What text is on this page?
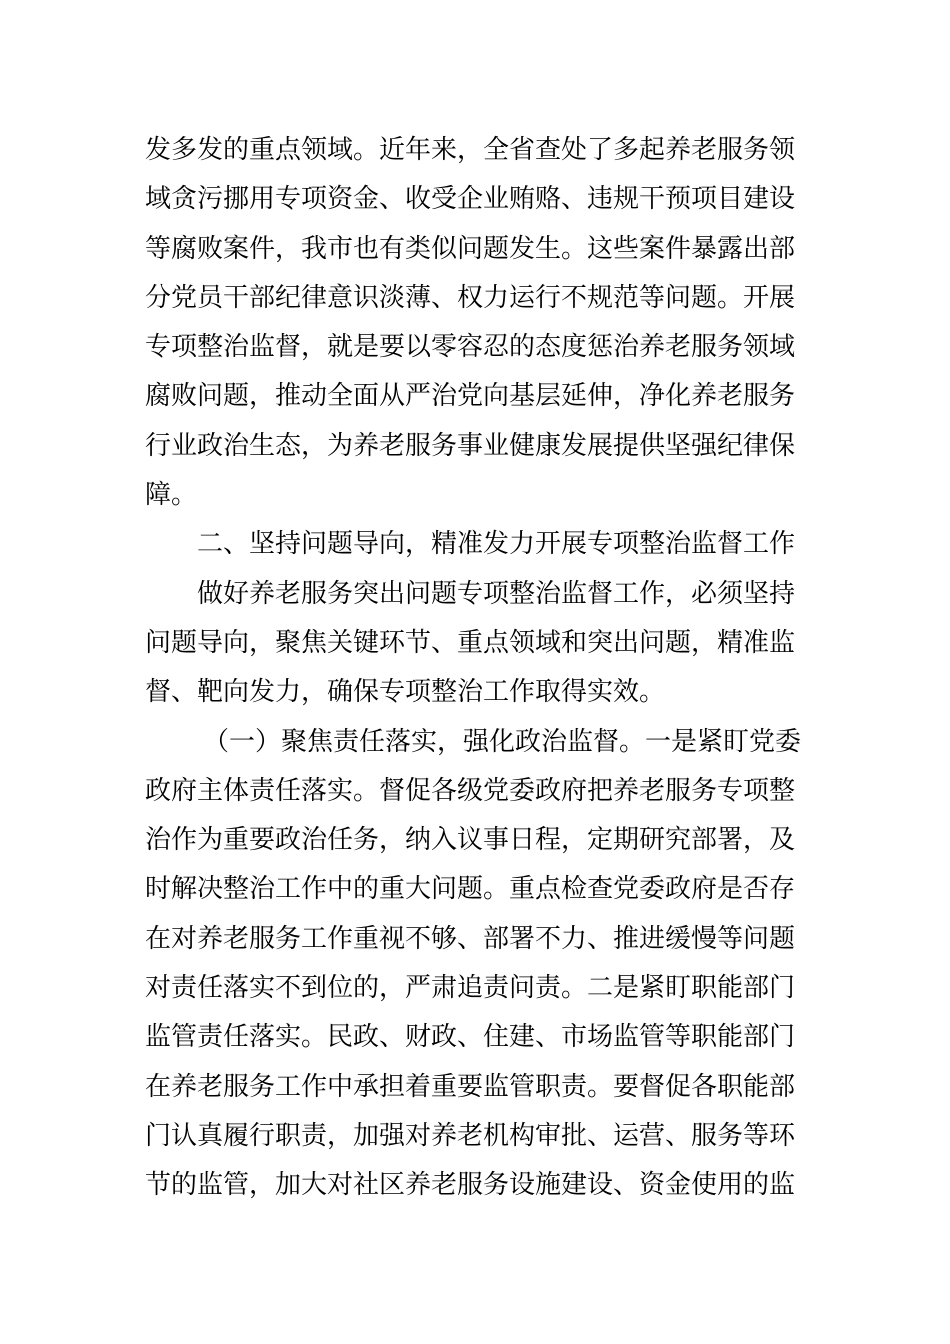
发多发的重点领域。近年来，全省查处了多起养老服务领
域贪污挪用专项资金、收受企业贿赂、违规干预项目建设
等腐败案件，我市也有类似问题发生。这些案件暴露出部
分党员干部纪律意识淡薄、权力运行不规范等问题。开展
专项整治监督，就是要以零容忍的态度惩治养老服务领域
腐败问题，推动全面从严治党向基层延伸，净化养老服务
行业政治生态，为养老服务事业健康发展提供坚强纪律保
障。
二、坚持问题导向，精准发力开展专项整治监督工作
做好养老服务突出问题专项整治监督工作，必须坚持
问题导向，聚焦关键环节、重点领域和突出问题，精准监
督、靶向发力，确保专项整治工作取得实效。
（一）聚焦责任落实，强化政治监督。一是紧盯党委
政府主体责任落实。督促各级党委政府把养老服务专项整
治作为重要政治任务，纳入议事日程，定期研究部署，及
时解决整治工作中的重大问题。重点检查党委政府是否存
在对养老服务工作重视不够、部署不力、推进缓慢等问题
对责任落实不到位的，严肃追责问责。二是紧盯职能部门
监管责任落实。民政、财政、住建、市场监管等职能部门
在养老服务工作中承担着重要监管职责。要督促各职能部
门认真履行职责，加强对养老机构审批、运营、服务等环
节的监管，加大对社区养老服务设施建设、资金使用的监
